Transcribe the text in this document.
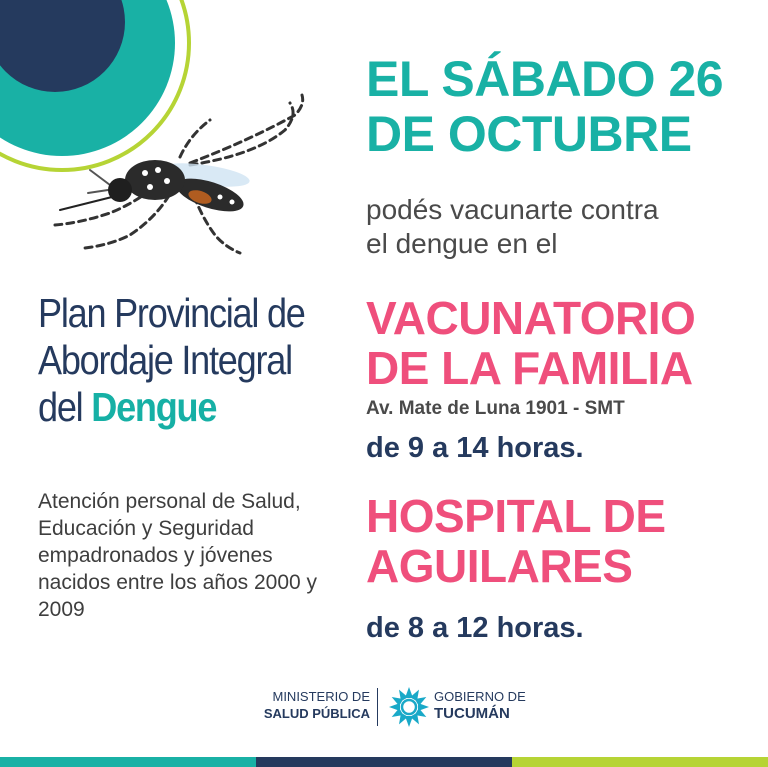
Plan Provincial de
Abordaje Integral
del Dengue
Atención personal de Salud, Educación y Seguridad empadronados y jóvenes nacidos entre los años 2000 y 2009
EL SÁBADO 26
DE OCTUBRE
podés vacunarte contra
el dengue en el
VACUNATORIO
DE LA FAMILIA
Av. Mate de Luna 1901 - SMT
de 9 a 14 horas.
HOSPITAL DE
AGUILARES
de 8 a 12 horas.
MINISTERIO DE
SALUD PÚBLICA
GOBIERNO DE
TUCUMÁN
